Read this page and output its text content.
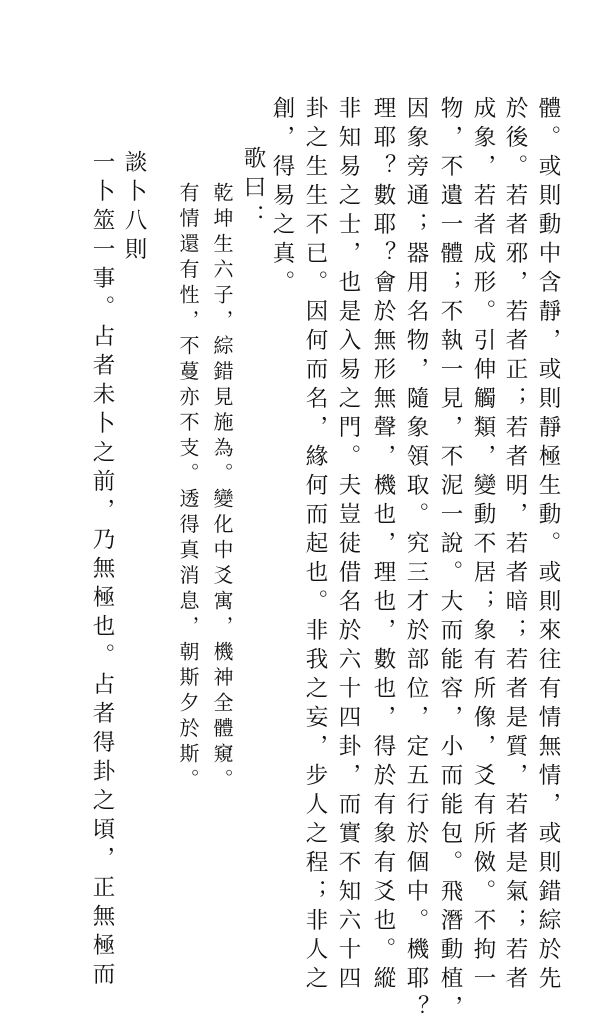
體。或則動中含靜，或則靜極生動。或則來往有情無情，或則錯綜於先
於後。若者邪，若者正；若者明，若者暗；若者是質，若者是氣；若者
成象，若者成形。引伸觸類，變動不居；象有所像，爻有所傚。不拘一
物，不遺一體；不執一見，不泥一說。大而能容，小而能包。飛潛動植，
因象旁通；器用名物，隨象領取。究三才於部位，定五行於個中。機耶？
理耶？數耶？會於無形無聲，機也，理也，數也，得於有象有爻也。縱
非知易之士，也是入易之門。夫豈徒借名於六十四卦，而實不知六十四
卦之生生不已。因何而名，緣何而起也。非我之妄，步人之程；非人之
創，得易之真。
歌曰：
乾坤生六子，綜錯見施為。變化中爻寓，機神全體窺。
有情還有性，不蔓亦不支。透得真消息，朝斯夕於斯。
談卜八則
一卜筮一事。占者未卜之前，乃無極也。占者得卦之頃，正無極而
